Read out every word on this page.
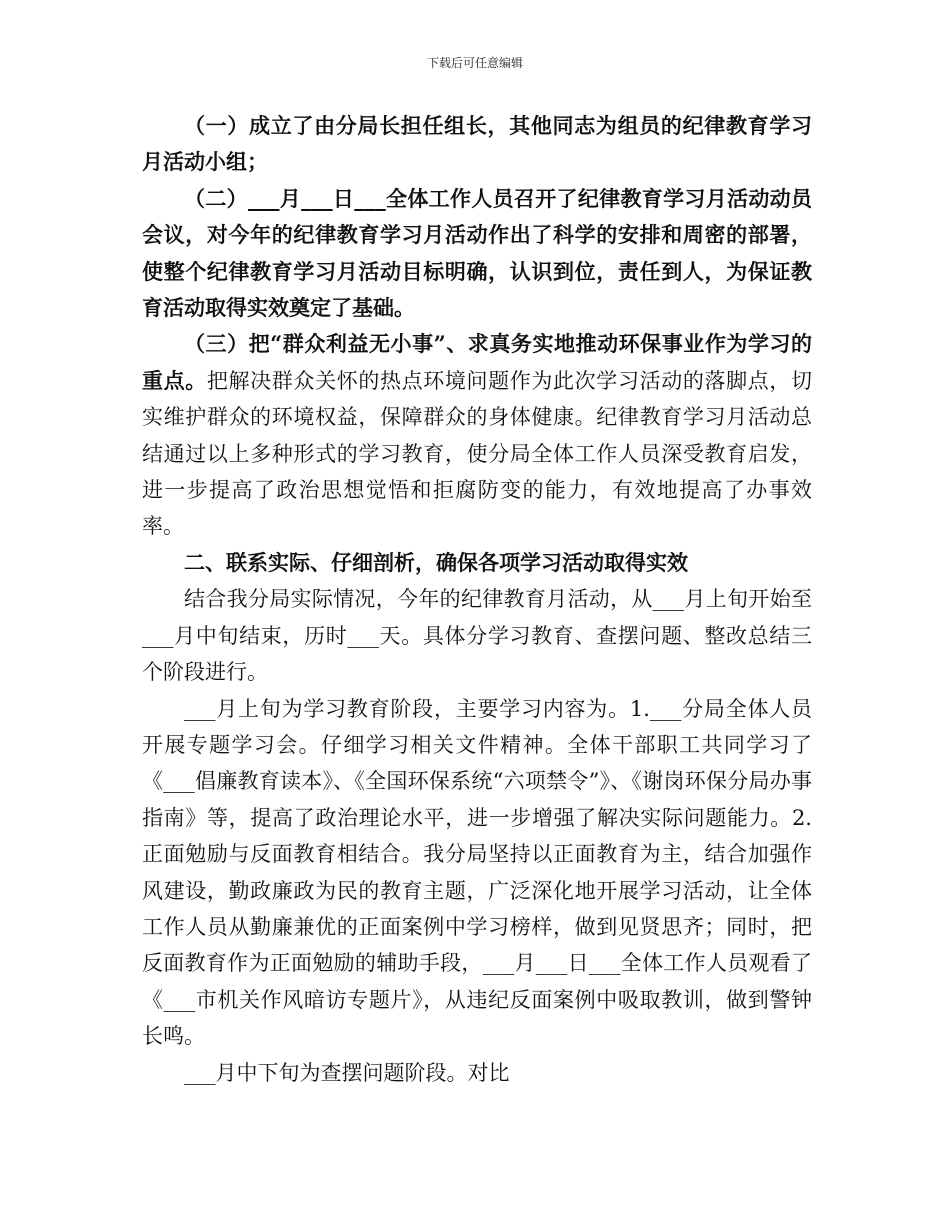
下载后可任意编辑

（一）成立了由分局长担任组长，其他同志为组员的纪律教育学习月活动小组；

（二）___月___日___全体工作人员召开了纪律教育学习月活动动员会议，对今年的纪律教育学习月活动作出了科学的安排和周密的部署，使整个纪律教育学习月活动目标明确，认识到位，责任到人，为保证教育活动取得实效奠定了基础。

（三）把“群众利益无小事”、求真务实地推动环保事业作为学习的重点。把解决群众关怀的热点环境问题作为此次学习活动的落脚点，切实维护群众的环境权益，保障群众的身体健康。纪律教育学习月活动总结通过以上多种形式的学习教育，使分局全体工作人员深受教育启发，进一步提高了政治思想觉悟和拒腐防变的能力，有效地提高了办事效率。

二、联系实际、仔细剖析，确保各项学习活动取得实效

结合我分局实际情况，今年的纪律教育月活动，从___月上旬开始至___月中旬结束，历时___天。具体分学习教育、查摆问题、整改总结三个阶段进行。

___月上旬为学习教育阶段，主要学习内容为。1.___分局全体人员开展专题学习会。仔细学习相关文件精神。全体干部职工共同学习了《___倡廉教育读本》、《全国环保系统“六项禁令”》、《谢岗环保分局办事指南》等，提高了政治理论水平，进一步增强了解决实际问题能力。2.正面勉励与反面教育相结合。我分局坚持以正面教育为主，结合加强作风建设，勤政廉政为民的教育主题，广泛深化地开展学习活动，让全体工作人员从勤廉兼优的正面案例中学习榜样，做到见贤思齐；同时，把反面教育作为正面勉励的辅助手段，___月___日___全体工作人员观看了《___市机关作风暗访专题片》，从违纪反面案例中吸取教训，做到警钟长鸣。

___月中下旬为查摆问题阶段。对比
